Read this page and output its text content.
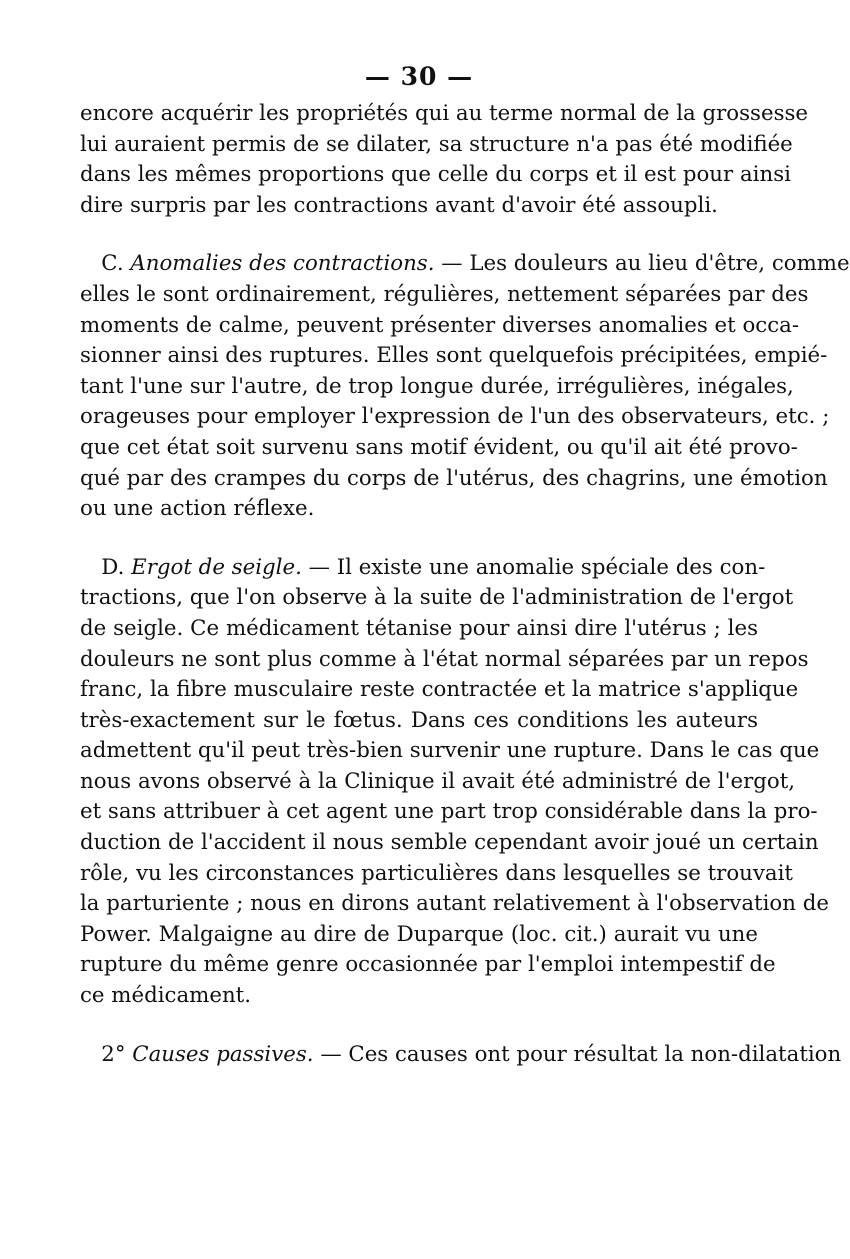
— 30 —

encore acquérir les propriétés qui au terme normal de la grossesse
lui auraient permis de se dilater, sa structure n'a pas été modifiée
dans les mêmes proportions que celle du corps et il est pour ainsi
dire surpris par les contractions avant d'avoir été assoupli.

 C. Anomalies des contractions. — Les douleurs au lieu d'être, comme
elles le sont ordinairement, régulières, nettement séparées par des
moments de calme, peuvent présenter diverses anomalies et occa-
sionner ainsi des ruptures. Elles sont quelquefois précipitées, empié-
tant l'une sur l'autre, de trop longue durée, irrégulières, inégales,
orageuses pour employer l'expression de l'un des observateurs, etc. ;
que cet état soit survenu sans motif évident, ou qu'il ait été provo-
qué par des crampes du corps de l'utérus, des chagrins, une émotion
ou une action réflexe.

 D. Ergot de seigle. — Il existe une anomalie spéciale des con-
tractions, que l'on observe à la suite de l'administration de l'ergot
de seigle. Ce médicament tétanise pour ainsi dire l'utérus ; les
douleurs ne sont plus comme à l'état normal séparées par un repos
franc, la fibre musculaire reste contractée et la matrice s'applique
très-exactement sur le fœtus. Dans ces conditions les auteurs
admettent qu'il peut très-bien survenir une rupture. Dans le cas que
nous avons observé à la Clinique il avait été administré de l'ergot,
et sans attribuer à cet agent une part trop considérable dans la pro-
duction de l'accident il nous semble cependant avoir joué un certain
rôle, vu les circonstances particulières dans lesquelles se trouvait
la parturiente ; nous en dirons autant relativement à l'observation de
Power. Malgaigne au dire de Duparque (loc. cit.) aurait vu une
rupture du même genre occasionnée par l'emploi intempestif de
ce médicament.

 2° Causes passives. — Ces causes ont pour résultat la non-dilatation
